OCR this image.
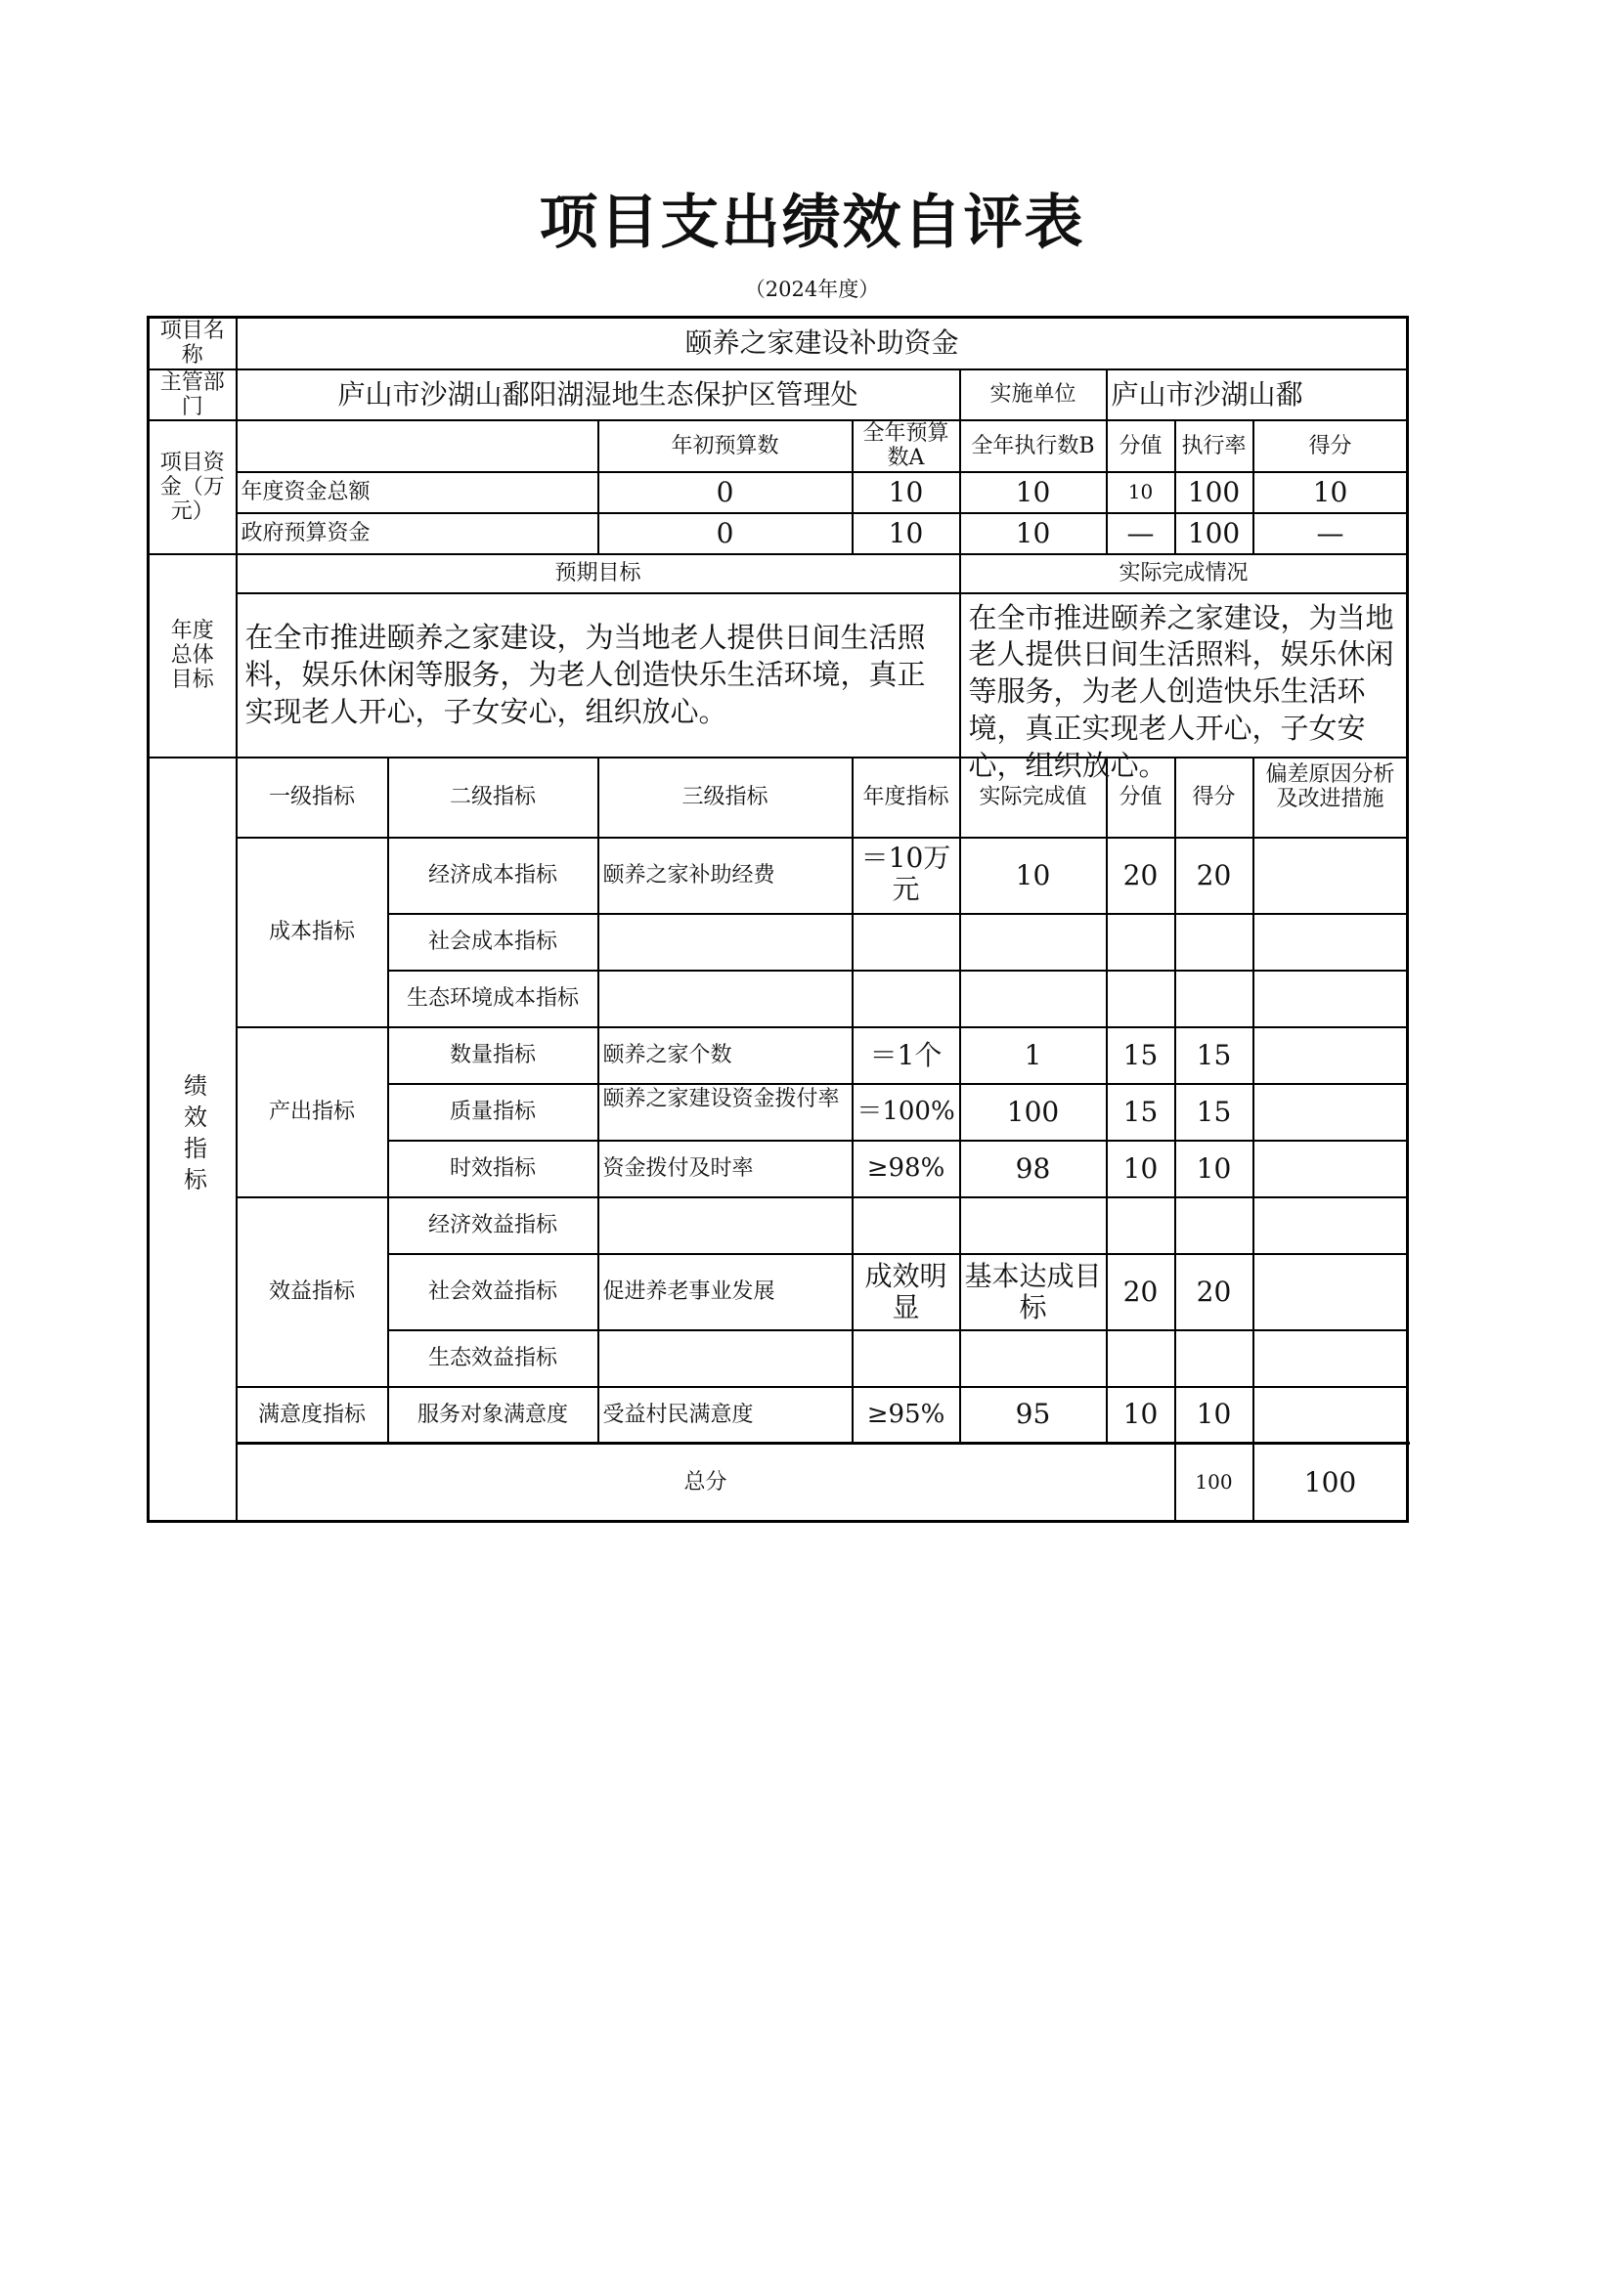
项目支出绩效自评表
（2024年度）
项目名称	颐养之家建设补助资金								
主管部门	庐山市沙湖山鄱阳湖湿地生态保护区管理处				实施单位	庐山市沙湖山鄱			
项目资金（万元）			年初预算数	全年预算数A	全年执行数B	分值	执行率	得分	
	年度资金总额		0	10	10	10	100	10	
	政府预算资金		0	10	10	—	100	—	
年度总体目标	预期目标				实际完成情况				
	在全市推进颐养之家建设，为当地老人提供日间生活照料，娱乐休闲等服务，为老人创造快乐生活环境，真正实现老人开心，子女安心，组织放心。				在全市推进颐养之家建设，为当地老人提供日间生活照料，娱乐休闲等服务，为老人创造快乐生活环境，真正实现老人开心，子女安心，组织放心。				

绩效指标	一级指标	二级指标	三级指标	年度指标	实际完成值	分值	得分	偏差原因分析及改进措施	

	成本指标	经济成本指标	颐养之家补助经费	＝10万元	10	20	20		
		社会成本指标							
		生态环境成本指标							
	产出指标	数量指标	颐养之家个数	＝1个	1	15	15		
		质量指标	颐养之家建设资金拨付率	＝100%	100	15	15		
		时效指标	资金拨付及时率	≥98%	98	10	10		
	效益指标	经济效益指标							
		社会效益指标	促进养老事业发展	成效明显	基本达成目标	20	20		
		生态效益指标							
	满意度指标	服务对象满意度	受益村民满意度	≥95%	95	10	10		
	总分						100	100	
